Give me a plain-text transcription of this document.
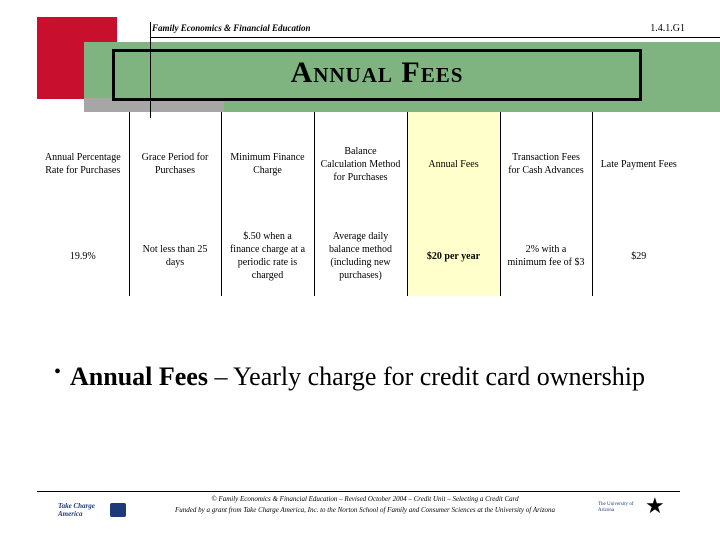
Family Economics & Financial Education	1.4.1.G1
Annual Fees
Annual Percentage Rate for Purchases	Grace Period for Purchases	Minimum Finance Charge	Balance Calculation Method for Purchases	Annual Fees	Transaction Fees for Cash Advances	Late Payment Fees
19.9%	Not less than 25 days	$.50 when a finance charge at a periodic rate is charged	Average daily balance method (including new purchases)	$20 per year	2% with a minimum fee of $3	$29
• Annual Fees – Yearly charge for credit card ownership
© Family Economics & Financial Education – Revised October 2004 – Credit Unit – Selecting a Credit Card
Funded by a grant from Take Charge America, Inc. to the Norton School of Family and Consumer Sciences at the University of Arizona
Take Charge America
The University of Arizona	★
